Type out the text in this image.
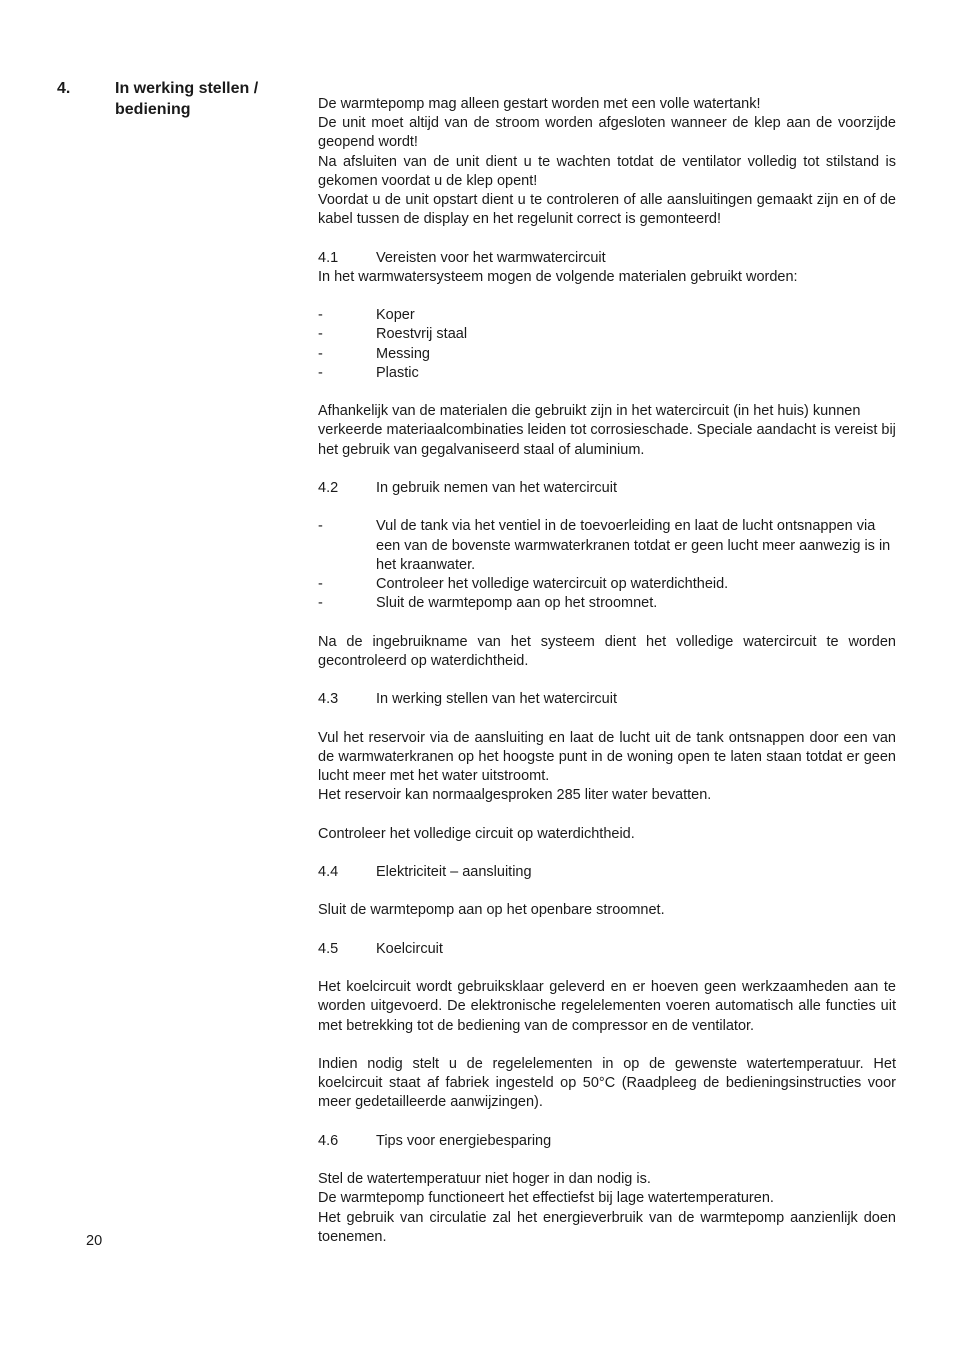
4.	In werking stellen / bediening	De warmtepomp mag alleen gestart worden met een volle watertank!

De unit moet altijd van de stroom worden afgesloten wanneer de klep aan de voorzijde geopend wordt!

Na afsluiten van de unit dient u te wachten totdat de ventilator volledig tot stilstand is gekomen voordat u de klep opent!

Voordat u de unit opstart dient u te controleren of alle aansluitingen gemaakt zijn en of de kabel tussen de display en het regelunit correct is gemonteerd!

4.1	Vereisten voor het warmwatercircuit

In het warmwatersysteem mogen de volgende materialen gebruikt worden:

-	Koper
-	Roestvrij staal
-	Messing
-	Plastic

Afhankelijk van de materialen die gebruikt zijn in het watercircuit (in het huis) kunnen verkeerde materiaalcombinaties leiden tot corrosieschade. Speciale aandacht is vereist bij het gebruik van gegalvaniseerd staal of aluminium.

4.2	In gebruik nemen van het watercircuit
-	Vul de tank via het ventiel in de toevoerleiding en laat de lucht ontsnappen via een van de bovenste warmwaterkranen totdat er geen lucht meer aanwezig is in het kraanwater.
-	Controleer het volledige watercircuit op waterdichtheid.
-	Sluit de warmtepomp aan op het stroomnet.

Na de ingebruikname van het systeem dient het volledige watercircuit te worden gecontroleerd op waterdichtheid.

4.3	In werking stellen van het watercircuit

Vul het reservoir via de aansluiting en laat de lucht uit de tank ontsnappen door een van de warmwaterkranen op het hoogste punt in de woning open te laten staan totdat er geen lucht meer met het water uitstroomt.

Het reservoir kan normaalgesproken 285 liter water bevatten.

Controleer het volledige circuit op waterdichtheid.

4.4	Elektriciteit – aansluiting

Sluit de warmtepomp aan op het openbare stroomnet.

4.5	Koelcircuit

Het koelcircuit wordt gebruiksklaar geleverd en er hoeven geen werkzaamheden aan te worden uitgevoerd. De elektronische regelelementen voeren automatisch alle functies uit met betrekking tot de bediening van de compressor en de ventilator.

Indien nodig stelt u de regelelementen in op de gewenste watertemperatuur. Het koelcircuit staat af fabriek ingesteld op 50°C (Raadpleeg de bedieningsinstructies voor meer gedetailleerde aanwijzingen).

4.6	Tips voor energiebesparing

Stel de watertemperatuur niet hoger in dan nodig is.

De warmtepomp functioneert het effectiefst bij lage watertemperaturen.

Het gebruik van circulatie zal het energieverbruik van de warmtepomp aanzienlijk doen toenemen.

20
